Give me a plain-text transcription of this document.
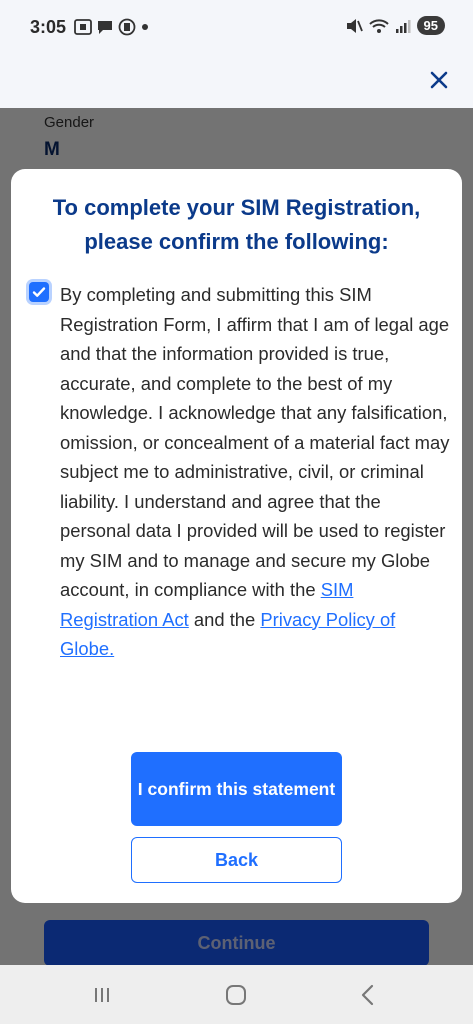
3:05	95
To complete your SIM Registration,
please confirm the following:
By completing and submitting this SIM Registration Form, I affirm that I am of legal age and that the information provided is true, accurate, and complete to the best of my knowledge. I acknowledge that any falsification, omission, or concealment of a material fact may subject me to administrative, civil, or criminal liability. I understand and agree that the personal data I provided will be used to register my SIM and to manage and secure my Globe account, in compliance with the SIM Registration Act and the Privacy Policy of Globe.
I confirm this statement
Back
